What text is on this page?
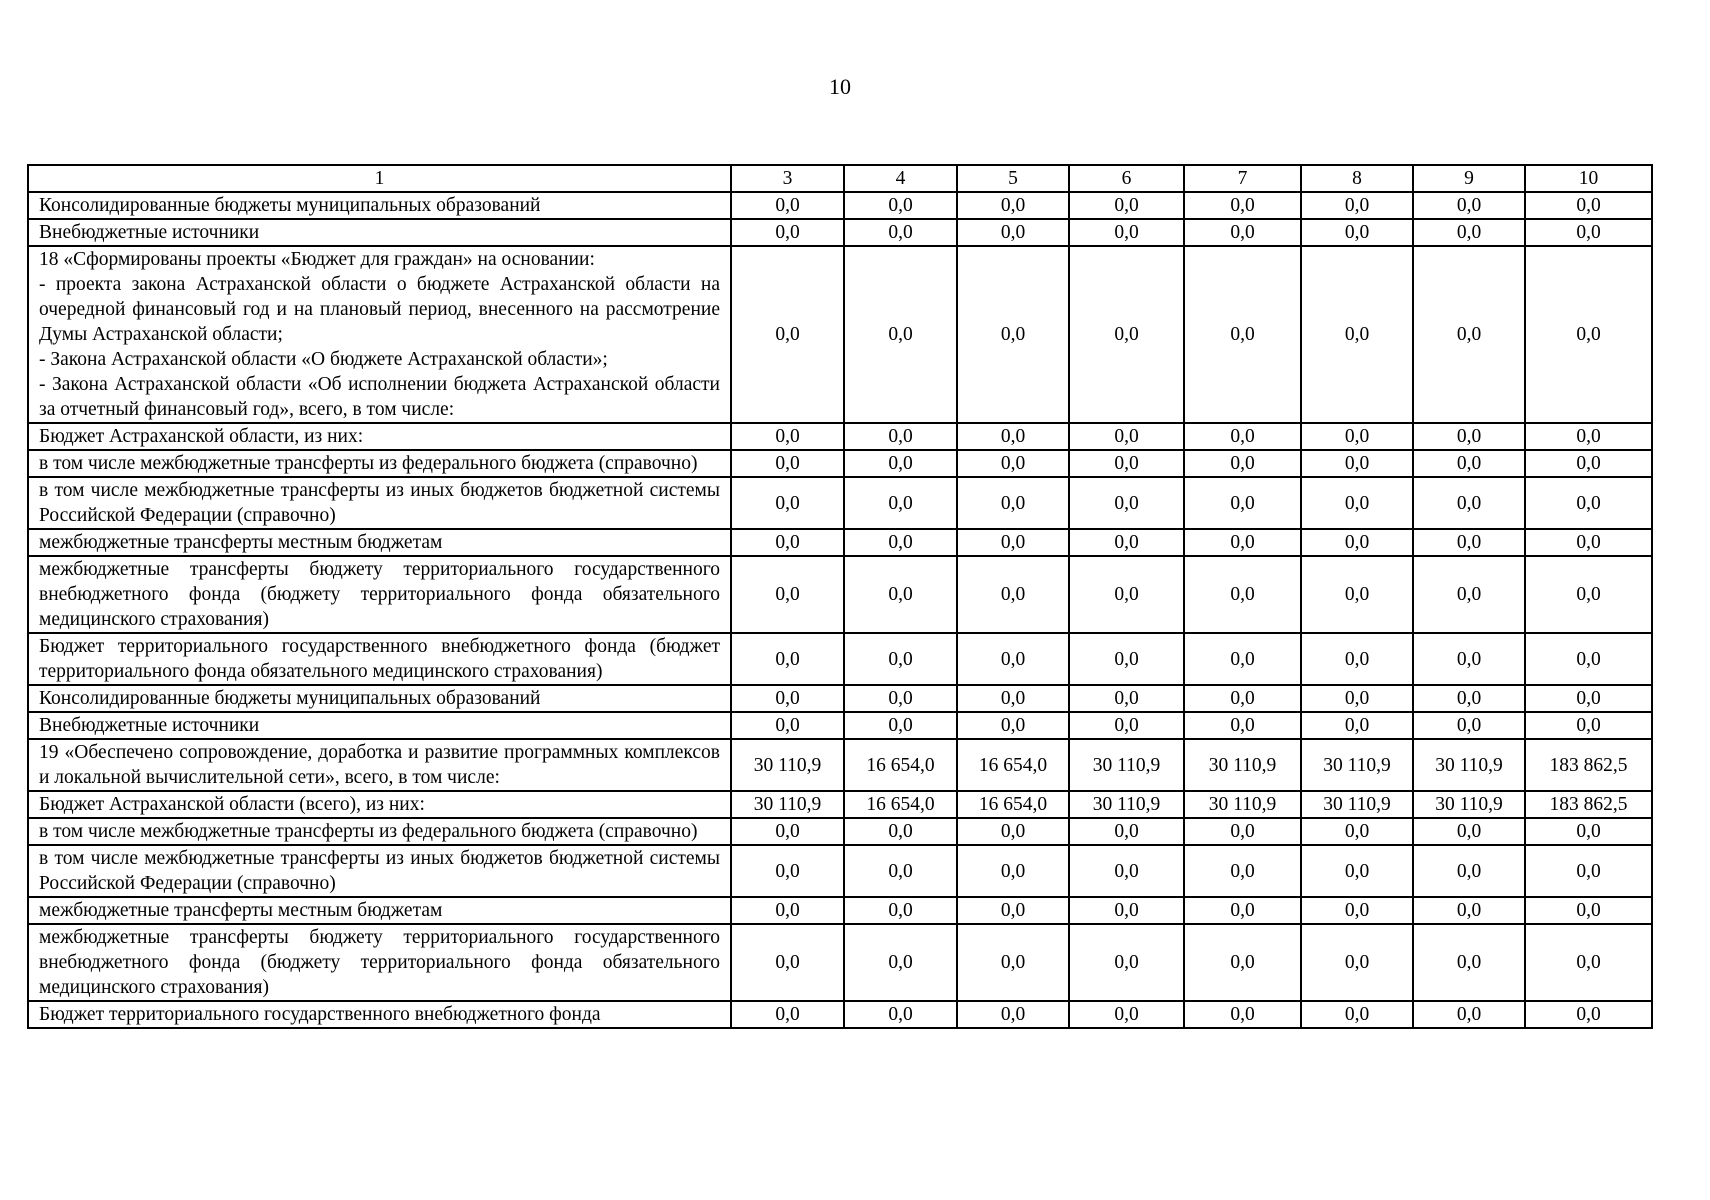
10
1	3	4	5	6	7	8	9	10
Консолидированные бюджеты муниципальных образований	0,0	0,0	0,0	0,0	0,0	0,0	0,0	0,0
Внебюджетные источники	0,0	0,0	0,0	0,0	0,0	0,0	0,0	0,0
18 «Сформированы проекты «Бюджет для граждан» на основании:
- проекта закона Астраханской области о бюджете Астраханской области на очередной финансовый год и на плановый период, внесенного на рассмотрение Думы Астраханской области;
- Закона Астраханской области «О бюджете Астраханской области»;
- Закона Астраханской области «Об исполнении бюджета Астраханской области за отчетный финансовый год», всего, в том числе:	0,0	0,0	0,0	0,0	0,0	0,0	0,0	0,0
Бюджет Астраханской области, из них:	0,0	0,0	0,0	0,0	0,0	0,0	0,0	0,0
в том числе межбюджетные трансферты из федерального бюджета (справочно)	0,0	0,0	0,0	0,0	0,0	0,0	0,0	0,0
в том числе межбюджетные трансферты из иных бюджетов бюджетной системы Российской Федерации (справочно)	0,0	0,0	0,0	0,0	0,0	0,0	0,0	0,0
межбюджетные трансферты местным бюджетам	0,0	0,0	0,0	0,0	0,0	0,0	0,0	0,0
межбюджетные трансферты бюджету территориального государственного внебюджетного фонда (бюджету территориального фонда обязательного медицинского страхования)	0,0	0,0	0,0	0,0	0,0	0,0	0,0	0,0
Бюджет территориального государственного внебюджетного фонда (бюджет территориального фонда обязательного медицинского страхования)	0,0	0,0	0,0	0,0	0,0	0,0	0,0	0,0
Консолидированные бюджеты муниципальных образований	0,0	0,0	0,0	0,0	0,0	0,0	0,0	0,0
Внебюджетные источники	0,0	0,0	0,0	0,0	0,0	0,0	0,0	0,0
19 «Обеспечено сопровождение, доработка и развитие программных комплексов и локальной вычислительной сети», всего, в том числе:	30 110,9	16 654,0	16 654,0	30 110,9	30 110,9	30 110,9	30 110,9	183 862,5
Бюджет Астраханской области (всего), из них:	30 110,9	16 654,0	16 654,0	30 110,9	30 110,9	30 110,9	30 110,9	183 862,5
в том числе межбюджетные трансферты из федерального бюджета (справочно)	0,0	0,0	0,0	0,0	0,0	0,0	0,0	0,0
в том числе межбюджетные трансферты из иных бюджетов бюджетной системы Российской Федерации (справочно)	0,0	0,0	0,0	0,0	0,0	0,0	0,0	0,0
межбюджетные трансферты местным бюджетам	0,0	0,0	0,0	0,0	0,0	0,0	0,0	0,0
межбюджетные трансферты бюджету территориального государственного внебюджетного фонда (бюджету территориального фонда обязательного медицинского страхования)	0,0	0,0	0,0	0,0	0,0	0,0	0,0	0,0
Бюджет территориального государственного внебюджетного фонда	0,0	0,0	0,0	0,0	0,0	0,0	0,0	0,0
